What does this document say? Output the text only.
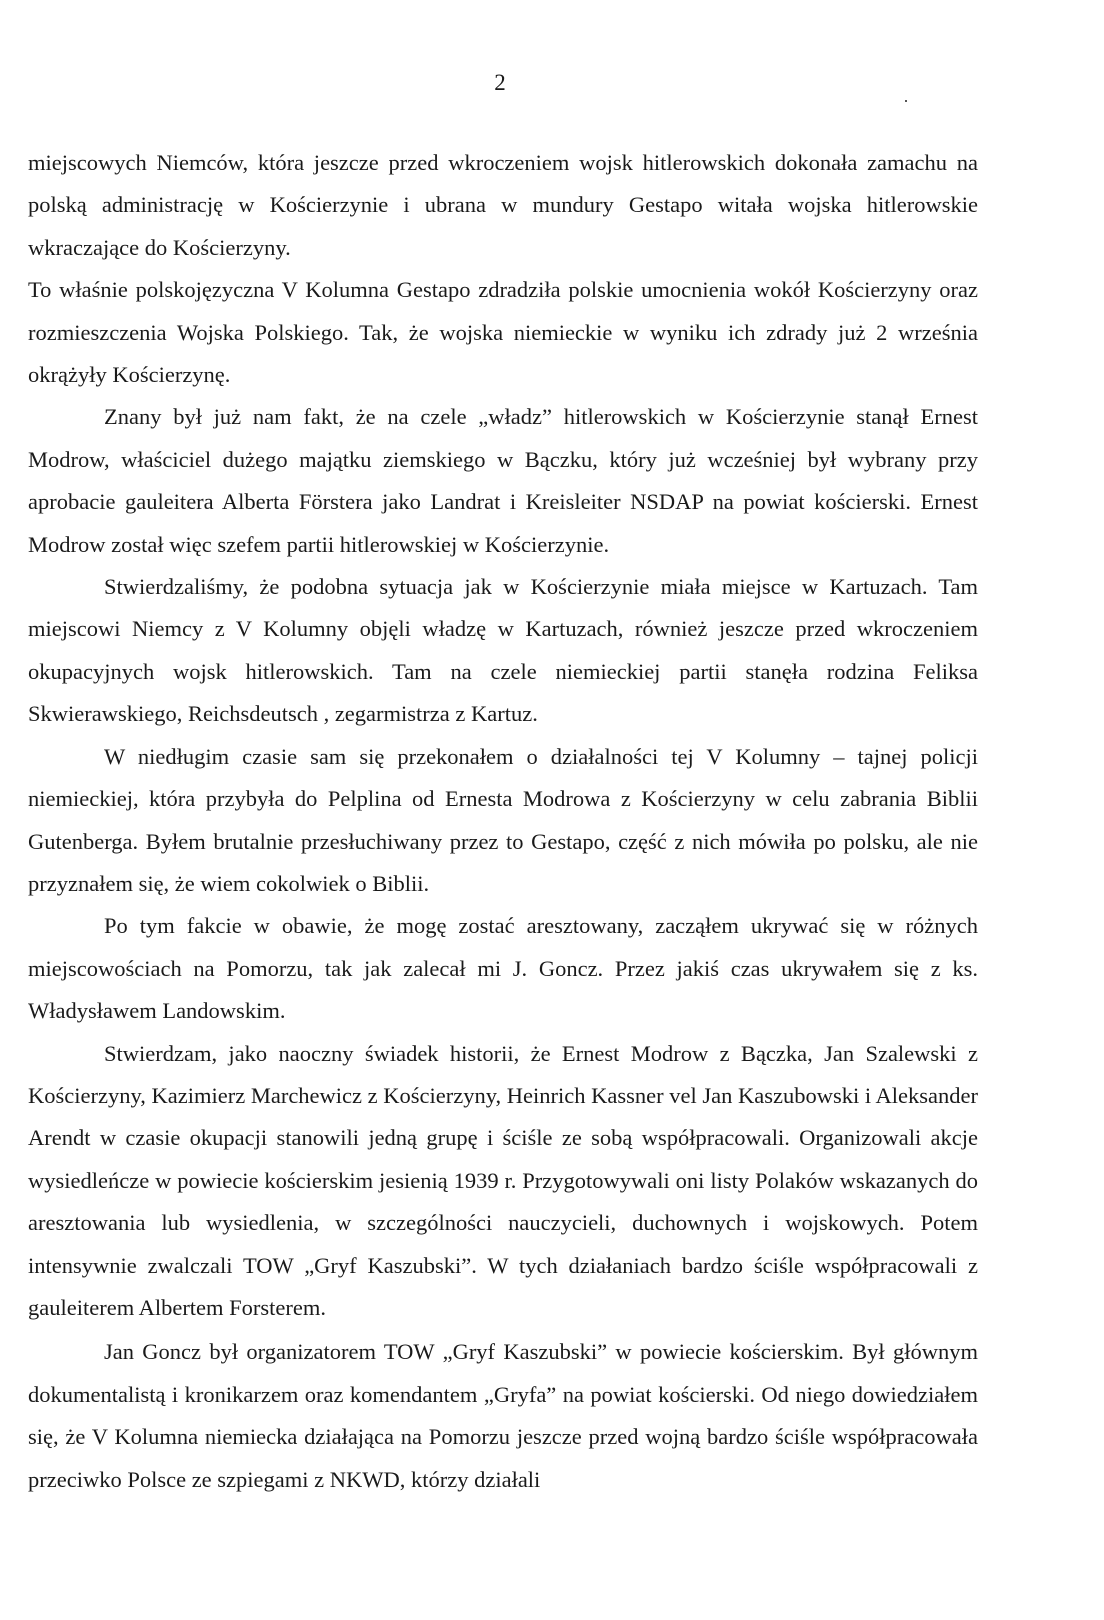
2

miejscowych Niemców, która jeszcze przed wkroczeniem wojsk hitlerowskich dokonała zamachu na polską administrację w Kościerzynie i ubrana w mundury Gestapo witała wojska hitlerowskie wkraczające do Kościerzyny.

To właśnie polskojęzyczna V Kolumna Gestapo zdradziła polskie umocnienia wokół Kościerzyny oraz rozmieszczenia Wojska Polskiego. Tak, że wojska niemieckie w wyniku ich zdrady już 2 września okrążyły Kościerzynę.

Znany był już nam fakt, że na czele „władz” hitlerowskich w Kościerzynie stanął Ernest Modrow, właściciel dużego majątku ziemskiego w Bączku, który już wcześniej był wybrany przy aprobacie gauleitera Alberta Förstera jako Landrat i Kreisleiter NSDAP na powiat kościerski. Ernest Modrow został więc szefem partii hitlerowskiej w Kościerzynie.

Stwierdzaliśmy, że podobna sytuacja jak w Kościerzynie miała miejsce w Kartuzach. Tam miejscowi Niemcy z V Kolumny objęli władzę w Kartuzach, również jeszcze przed wkroczeniem okupacyjnych wojsk hitlerowskich. Tam na czele niemieckiej partii stanęła rodzina Feliksa Skwierawskiego, Reichsdeutsch , zegarmistrza z Kartuz.

W niedługim czasie sam się przekonałem o działalności tej V Kolumny – tajnej policji niemieckiej, która przybyła do Pelplina od Ernesta Modrowa z Kościerzyny w celu zabrania Biblii Gutenberga. Byłem brutalnie przesłuchiwany przez to Gestapo, część z nich mówiła po polsku, ale nie przyznałem się, że wiem cokolwiek o Biblii.

Po tym fakcie w obawie, że mogę zostać aresztowany, zacząłem ukrywać się w różnych miejscowościach na Pomorzu, tak jak zalecał mi J. Goncz. Przez jakiś czas ukrywałem się z ks. Władysławem Landowskim.

Stwierdzam, jako naoczny świadek historii, że Ernest Modrow z Bączka, Jan Szalewski z Kościerzyny, Kazimierz Marchewicz z Kościerzyny, Heinrich Kassner vel Jan Kaszubowski i Aleksander Arendt w czasie okupacji stanowili jedną grupę i ściśle ze sobą współpracowali. Organizowali akcje wysiedleńcze w powiecie kościerskim jesienią 1939 r. Przygotowywali oni listy Polaków wskazanych do aresztowania lub wysiedlenia, w szczególności nauczycieli, duchownych i wojskowych. Potem intensywnie zwalczali TOW „Gryf Kaszubski”. W tych działaniach bardzo ściśle współpracowali z gauleiterem Albertem Forsterem.

Jan Goncz był organizatorem TOW „Gryf Kaszubski” w powiecie kościerskim. Był głównym dokumentalistą i kronikarzem oraz komendantem „Gryfa” na powiat kościerski. Od niego dowiedziałem się, że V Kolumna niemiecka działająca na Pomorzu jeszcze przed wojną bardzo ściśle współpracowała przeciwko Polsce ze szpiegami z NKWD, którzy działali
